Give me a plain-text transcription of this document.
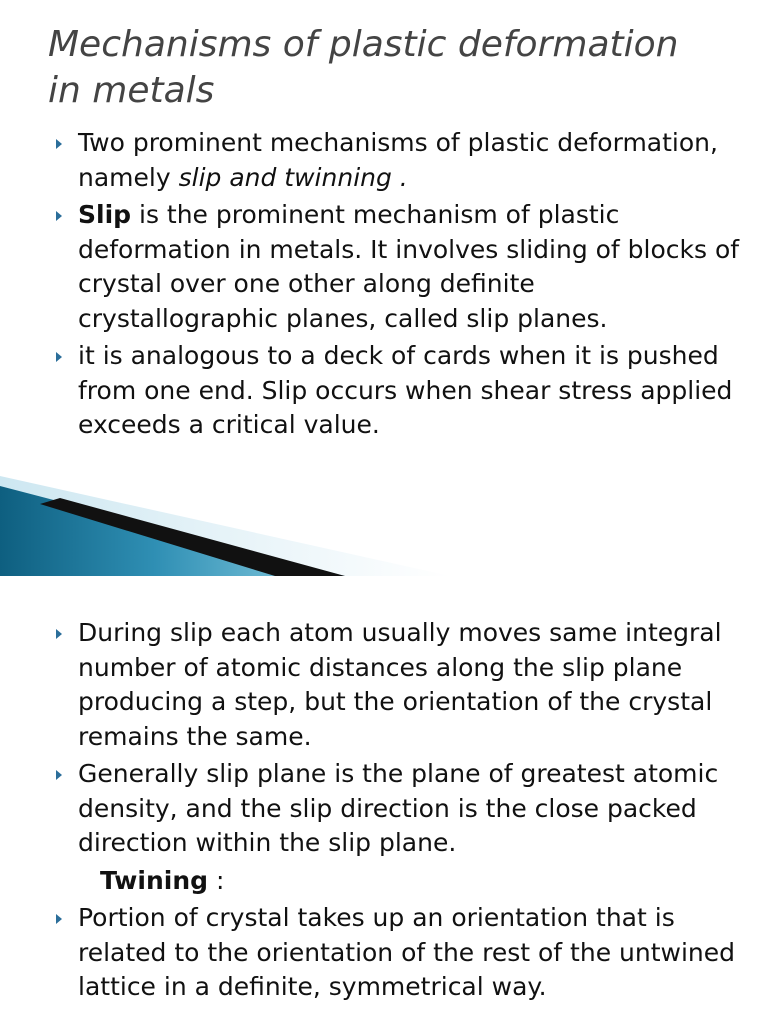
Mechanisms of plastic deformation
in metals
Two prominent mechanisms of plastic deformation, namely slip and twinning .
Slip is the prominent mechanism of plastic deformation in metals. It involves sliding of blocks of crystal over one other along definite crystallographic planes, called slip planes.
it is analogous to a deck of cards when it is pushed from one end. Slip occurs when shear stress applied exceeds a critical value.
During slip each atom usually moves same integral number of atomic distances along the slip plane producing a step, but the orientation of the crystal remains the same.
Generally slip plane is the plane of greatest atomic density, and the slip direction is the close packed direction within the slip plane.
Twining :
Portion of crystal takes up an orientation that is related to the orientation of the rest of the untwined lattice in a definite, symmetrical way.
